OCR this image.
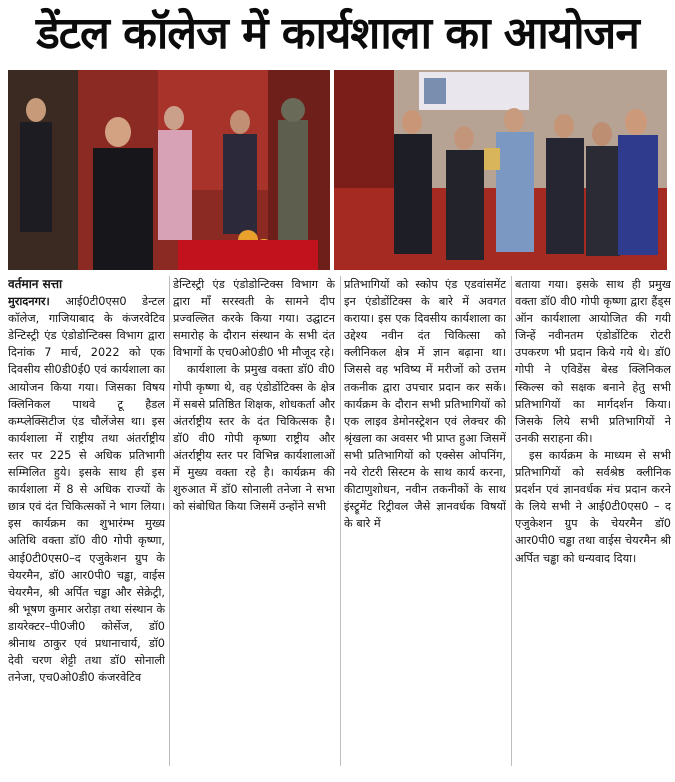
डेंटल कॉलेज में कार्यशाला का आयोजन
वर्तमान सत्ता

मुरादनगर। आई0टी0एस0 डेन्टल कॉलेज, गाजियाबाद के कंजरवेटिव डेन्टिस्ट्री एंड एंडोडोन्टिक्स विभाग द्वारा दिनांक 7 मार्च, 2022 को एक दिवसीय सी0डी0ई0 एवं कार्यशाला का आयोजन किया गया। जिसका विषय क्लिनिकल पाथवे टू हैडल कम्प्लेक्सिटीज एंड चौलेंजेस था। इस कार्यशाला में राष्ट्रीय तथा अंतर्राष्ट्रीय स्तर पर 225 से अधिक प्रतिभागी सम्मिलित हुये। इसके साथ ही इस कार्यशाला में 8 से अधिक राज्यों के छात्र एवं दंत चिकित्सकों ने भाग लिया। इस कार्यक्रम का शुभारंम्भ मुख्य अतिथि वक्ता डॉ0 वी0 गोपी कृष्णा, आई0टी0एस0–द एजुकेशन ग्रुप के चेयरमैन, डॉ0 आर0पी0 चड्ढा, वाईस चेयरमैन, श्री अर्पित चड्ढा और सेक्रेट्री, श्री भूषण कुमार अरोड़ा तथा संस्थान के डायरेक्टर–पी0जी0 कोर्सेज, डॉ0 श्रीनाथ ठाकुर एवं प्रधानाचार्य, डॉ0 देवी चरण शेट्टी तथा डॉ0 सोनाली तनेजा, एच0ओ0डी0 कंजरवेटिव

डेन्टिस्ट्री एंड एंडोडोन्टिक्स विभाग के द्वारा माँ सरस्वती के सामने दीप प्रज्वल्लित करके किया गया। उद्घाटन समारोह के दौरान संस्थान के सभी दंत विभागों के एच0ओ0डी0 भी मौजूद रहे।

कार्यशाला के प्रमुख वक्ता डॉ0 वी0 गोपी कृष्णा थे, वह एंडोडोंटिक्स के क्षेत्र में सबसे प्रतिष्ठित शिक्षक, शोधकर्ता और अंतर्राष्ट्रीय स्तर के दंत चिकित्सक है। डॉ0 वी0 गोपी कृष्णा राष्ट्रीय और अंतर्राष्ट्रीय स्तर पर विभिन्न कार्यशालाओं में मुख्य वक्ता रहे है। कार्यक्रम की शुरुआत में डॉ0 सोनाली तनेजा ने सभा को संबोधित किया जिसमें उन्होंने सभी

प्रतिभागियों को स्कोप एंड एडवांसमेंट इन एंडोडोंटिक्स के बारे में अवगत कराया। इस एक दिवसीय कार्यशाला का उद्देश्य नवीन दंत चिकित्सा को क्लीनिकल क्षेत्र में ज्ञान बढ़ाना था। जिससे वह भविष्य में मरीजों को उत्तम तकनीक द्वारा उपचार प्रदान कर सकें। कार्यक्रम के दौरान सभी प्रतिभागियों को एक लाइव डेमोनस्ट्रेशन एवं लेक्चर की श्रृंखला का अवसर भी प्राप्त हुआ जिसमें सभी प्रतिभागियों को एक्सेस ओपनिंग, नये रोटरी सिस्टम के साथ कार्य करना, कीटाणुशोधन, नवीन तकनीकों के साथ इंस्ट्रूमेंट रिट्रीवल जैसे ज्ञानवर्धक विषयों के बारे में

बताया गया। इसके साथ ही प्रमुख वक्ता डॉ0 वी0 गोपी कृष्णा द्वारा हैंड्स ऑन कार्यशाला आयोजित की गयी जिन्हें नवीनतम एंडोडोंटिक रोटरी उपकरण भी प्रदान किये गये थे। डॉ0 गोपी ने एविडेंस बेस्ड क्लिनिकल स्किल्स को सक्षक बनाने हेतु सभी प्रतिभागियों का मार्गदर्शन किया। जिसके लिये सभी प्रतिभागियों ने उनकी सराहना की।

इस कार्यक्रम के माध्यम से सभी प्रतिभागियों को सर्वश्रेष्ठ क्लीनिक प्रदर्शन एवं ज्ञानवर्धक मंच प्रदान करने के लिये सभी ने आई0टी0एस0 – द एजुकेशन ग्रुप के चेयरमैन डॉ0 आर0पी0 चड्ढा तथा वाईस चेयरमैन श्री अर्पित चड्ढा को धन्यवाद दिया।
